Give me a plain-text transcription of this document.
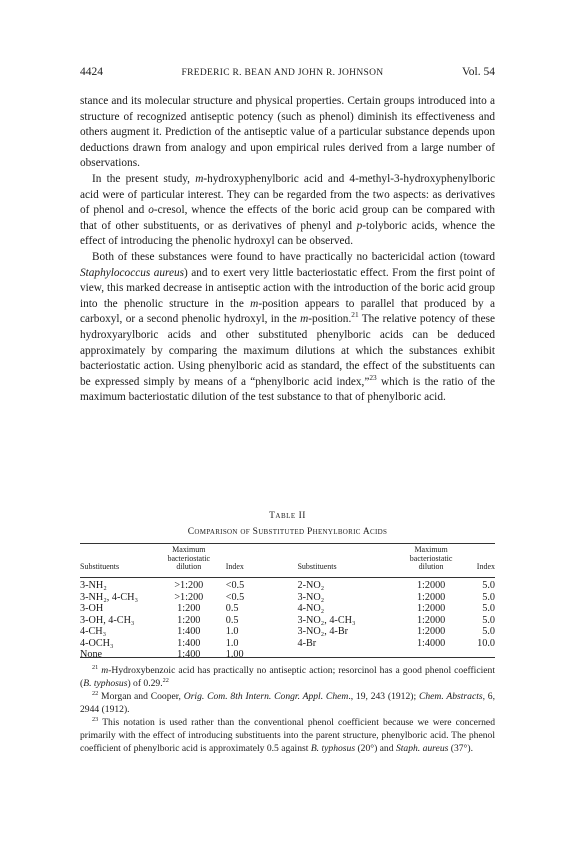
4424	FREDERIC R. BEAN AND JOHN R. JOHNSON	Vol. 54

stance and its molecular structure and physical properties. Certain groups introduced into a structure of recognized antiseptic potency (such as phenol) diminish its effectiveness and others augment it. Prediction of the antiseptic value of a particular substance depends upon deductions drawn from analogy and upon empirical rules derived from a large number of observations.

In the present study, m-hydroxyphenylboric acid and 4-methyl-3-hydroxyphenylboric acid were of particular interest. They can be regarded from the two aspects: as derivatives of phenol and o-cresol, whence the effects of the boric acid group can be compared with that of other substituents, or as derivatives of phenyl and p-tolyboric acids, whence the effect of introducing the phenolic hydroxyl can be observed.

Both of these substances were found to have practically no bactericidal action (toward Staphylococcus aureus) and to exert very little bacteriostatic effect. From the first point of view, this marked decrease in antiseptic action with the introduction of the boric acid group into the phenolic structure in the m-position appears to parallel that produced by a carboxyl, or a second phenolic hydroxyl, in the m-position.$^{21}$ The relative potency of these hydroxyarylboric acids and other substituted phenylboric acids can be deduced approximately by comparing the maximum dilutions at which the substances exhibit bacteriostatic action. Using phenylboric acid as standard, the effect of the substituents can be expressed simply by means of a “phenylboric acid index,”$^{23}$ which is the ratio of the maximum bacteriostatic dilution of the test substance to that of phenylboric acid.

Table II
Comparison of Substituted Phenylboric Acids
Substituents	Maximum bacteriostatic dilution	Index	Substituents	Maximum bacteriostatic dilution	Index
3-NH₂	>1:200	<0.5	2-NO₂	1:2000	5.0
3-NH₂, 4-CH₃	>1:200	<0.5	3-NO₂	1:2000	5.0
3-OH	1:200	0.5	4-NO₂	1:2000	5.0
3-OH, 4-CH₃	1:200	0.5	3-NO₂, 4-CH₃	1:2000	5.0
4-CH₃	1:400	1.0	3-NO₂, 4-Br	1:2000	5.0
4-OCH₃	1:400	1.0	4-Br	1:4000	10.0
None	1:400	1.00			

$^{21}$ m-Hydroxybenzoic acid has practically no antiseptic action; resorcinol has a good phenol coefficient (B. typhosus) of 0.29.22

$^{22}$ Morgan and Cooper, Orig. Com. 8th Intern. Congr. Appl. Chem., 19, 243 (1912); Chem. Abstracts, 6, 2944 (1912).

$^{23}$ This notation is used rather than the conventional phenol coefficient because we were concerned primarily with the effect of introducing substituents into the parent structure, phenylboric acid. The phenol coefficient of phenylboric acid is approximately 0.5 against B. typhosus (20°) and Staph. aureus (37°).
